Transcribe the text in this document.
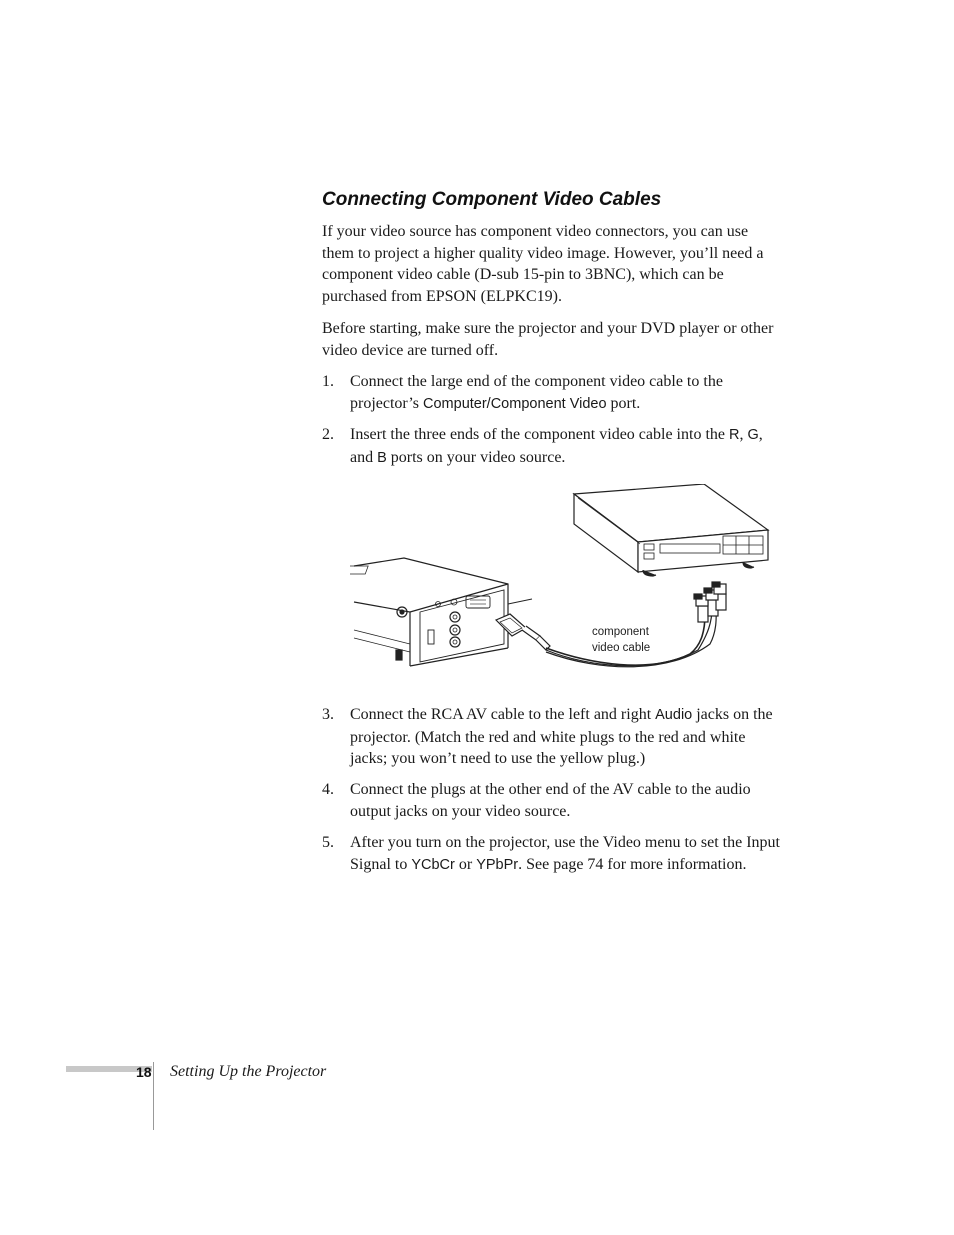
Connecting Component Video Cables

If your video source has component video connectors, you can use them to project a higher quality video image. However, you’ll need a component video cable (D-sub 15-pin to 3BNC), which can be purchased from EPSON (ELPKC19).

Before starting, make sure the projector and your DVD player or other video device are turned off.

1. Connect the large end of the component video cable to the projector’s Computer/Component Video port.
2. Insert the three ends of the component video cable into the R, G, and B ports on your video source.
component
video cable
3. Connect the RCA AV cable to the left and right Audio jacks on the projector. (Match the red and white plugs to the red and white jacks; you won’t need to use the yellow plug.)
4. Connect the plugs at the other end of the AV cable to the audio output jacks on your video source.
5. After you turn on the projector, use the Video menu to set the Input Signal to YCbCr or YPbPr. See page 74 for more information.
18 Setting Up the Projector
